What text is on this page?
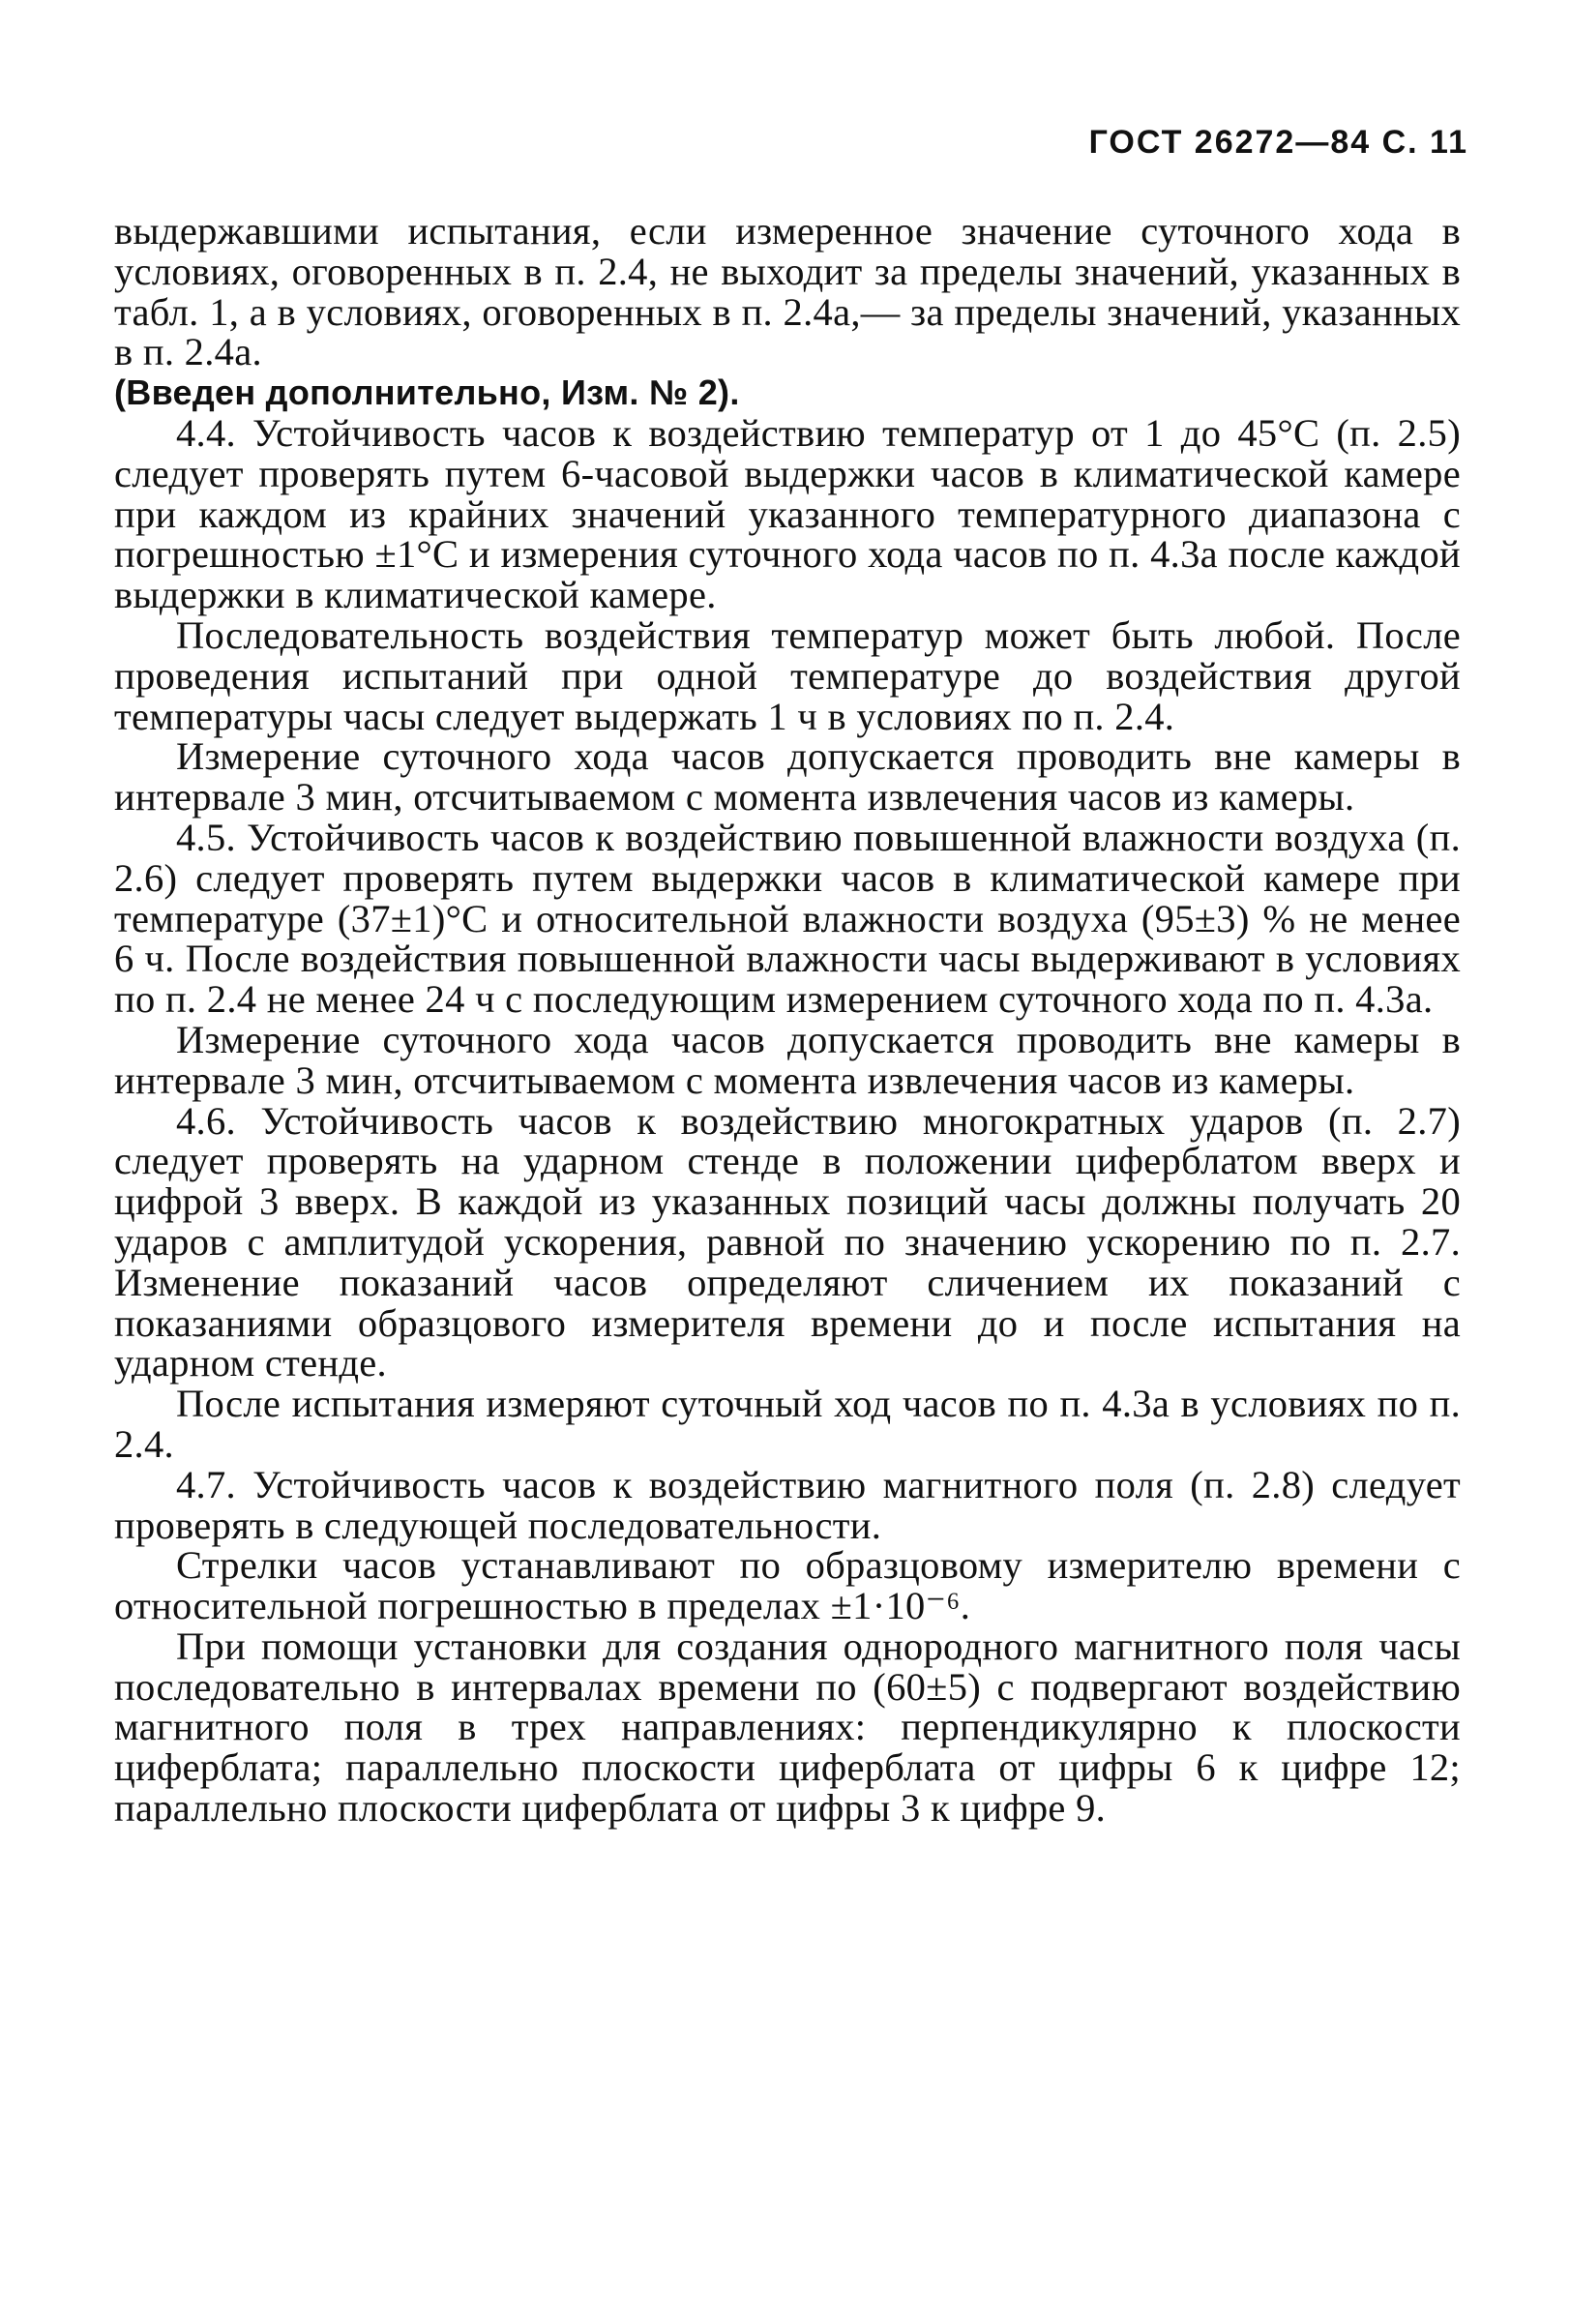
ГОСТ 26272—84 С. 11

выдержавшими испытания, если измеренное значение суточного хода в условиях, оговоренных в п. 2.4, не выходит за пределы значений, указанных в табл. 1, а в условиях, оговоренных в п. 2.4а,— за пределы значений, указанных в п. 2.4а.

(Введен дополнительно, Изм. № 2).

4.4. Устойчивость часов к воздействию температур от 1 до 45°С (п. 2.5) следует проверять путем 6-часовой выдержки часов в климатической камере при каждом из крайних значений указанного температурного диапазона с погрешностью ±1°С и измерения суточного хода часов по п. 4.3а после каждой выдержки в климатической камере.

Последовательность воздействия температур может быть любой. После проведения испытаний при одной температуре до воздействия другой температуры часы следует выдержать 1 ч в условиях по п. 2.4.

Измерение суточного хода часов допускается проводить вне камеры в интервале 3 мин, отсчитываемом с момента извлечения часов из камеры.

4.5. Устойчивость часов к воздействию повышенной влажности воздуха (п. 2.6) следует проверять путем выдержки часов в климатической камере при температуре (37±1)°С и относительной влажности воздуха (95±3) % не менее 6 ч. После воздействия повышенной влажности часы выдерживают в условиях по п. 2.4 не менее 24 ч с последующим измерением суточного хода по п. 4.3а.

Измерение суточного хода часов допускается проводить вне камеры в интервале 3 мин, отсчитываемом с момента извлечения часов из камеры.

4.6. Устойчивость часов к воздействию многократных ударов (п. 2.7) следует проверять на ударном стенде в положении циферблатом вверх и цифрой 3 вверх. В каждой из указанных позиций часы должны получать 20 ударов с амплитудой ускорения, равной по значению ускорению по п. 2.7. Изменение показаний часов определяют сличением их показаний с показаниями образцового измерителя времени до и после испытания на ударном стенде.

После испытания измеряют суточный ход часов по п. 4.3а в условиях по п. 2.4.

4.7. Устойчивость часов к воздействию магнитного поля (п. 2.8) следует проверять в следующей последовательности.

Стрелки часов устанавливают по образцовому измерителю времени с относительной погрешностью в пределах ±1·10⁻⁶.

При помощи установки для создания однородного магнитного поля часы последовательно в интервалах времени по (60±5) с подвергают воздействию магнитного поля в трех направлениях: перпендикулярно к плоскости циферблата; параллельно плоскости циферблата от цифры 6 к цифре 12; параллельно плоскости циферблата от цифры 3 к цифре 9.
